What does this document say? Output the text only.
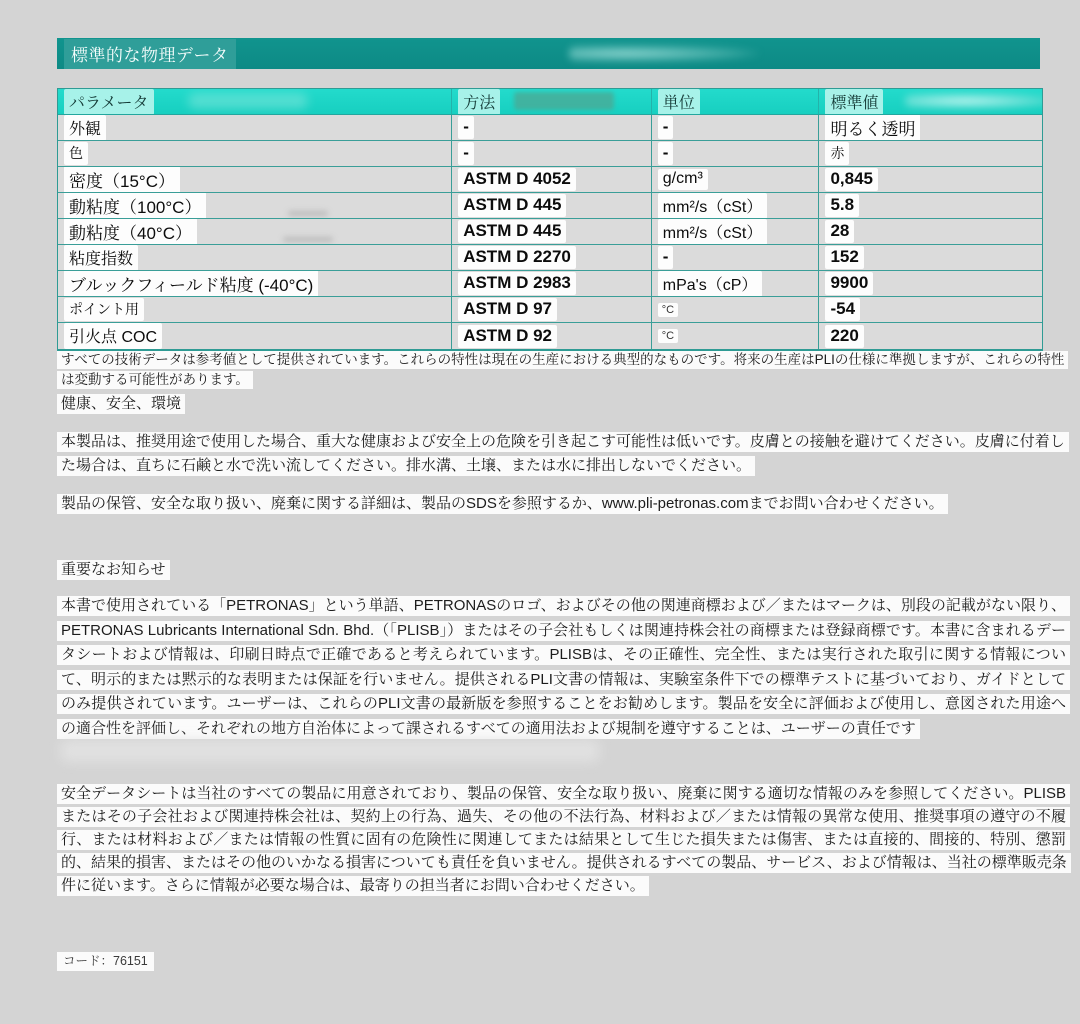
標準的な物理データ
パラメータ	方法	単位	標準値
外観	-	-	明るく透明
色	-	-	赤
密度（15°C）	ASTM D 4052	g/cm³	0,845
動粘度（100°C）	ASTM D 445	mm²/s（cSt）	5.8
動粘度（40°C）	ASTM D 445	mm²/s（cSt）	28
粘度指数	ASTM D 2270	-	152
ブルックフィールド粘度 (-40°C)	ASTM D 2983	mPa's（cP）	9900
ポイント用	ASTM D 97	°C	-54
引火点 COC	ASTM D 92	°C	220
すべての技術データは参考値として提供されています。これらの特性は現在の生産における典型的なものです。将来の生産はPLIの仕様に準拠しますが、これらの特性は変動する可能性があります。
健康、安全、環境
本製品は、推奨用途で使用した場合、重大な健康および安全上の危険を引き起こす可能性は低いです。皮膚との接触を避けてください。皮膚に付着した場合は、直ちに石鹸と水で洗い流してください。排水溝、土壌、または水に排出しないでください。
製品の保管、安全な取り扱い、廃棄に関する詳細は、製品のSDSを参照するか、www.pli-petronas.comまでお問い合わせください。
重要なお知らせ
本書で使用されている「PETRONAS」という単語、PETRONASのロゴ、およびその他の関連商標および／またはマークは、別段の記載がない限り、PETRONAS Lubricants International Sdn. Bhd.（「PLISB」）またはその子会社もしくは関連持株会社の商標または登録商標です。本書に含まれるデータシートおよび情報は、印刷日時点で正確であると考えられています。PLISBは、その正確性、完全性、または実行された取引に関する情報について、明示的または黙示的な表明または保証を行いません。提供されるPLI文書の情報は、実験室条件下での標準テストに基づいており、ガイドとしてのみ提供されています。ユーザーは、これらのPLI文書の最新版を参照することをお勧めします。製品を安全に評価および使用し、意図された用途への適合性を評価し、それぞれの地方自治体によって課されるすべての適用法および規制を遵守することは、ユーザーの責任です
安全データシートは当社のすべての製品に用意されており、製品の保管、安全な取り扱い、廃棄に関する適切な情報のみを参照してください。PLISBまたはその子会社および関連持株会社は、契約上の行為、過失、その他の不法行為、材料および／または情報の異常な使用、推奨事項の遵守の不履行、または材料および／または情報の性質に固有の危険性に関連してまたは結果として生じた損失または傷害、または直接的、間接的、特別、懲罰的、結果的損害、またはその他のいかなる損害についても責任を負いません。提供されるすべての製品、サービス、および情報は、当社の標準販売条件に従います。さらに情報が必要な場合は、最寄りの担当者にお問い合わせください。
コード：76151
